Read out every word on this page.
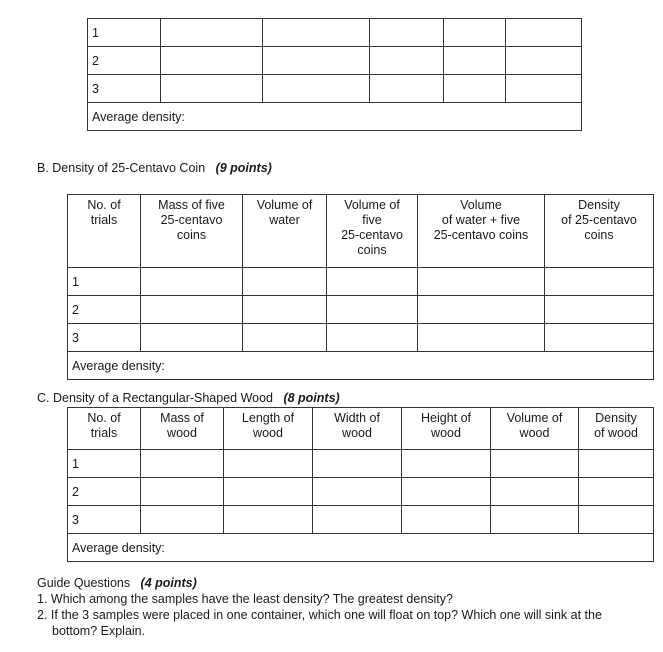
1					
2					
3					
Average density:					
B. Density of 25-Centavo Coin (9 points)
No. of
trials	Mass of five
25-centavo
coins	Volume of
water	Volume of
five
25-centavo
coins	Volume
of water + five
25-centavo coins	Density
of 25-centavo
coins
1					
2					
3					
Average density:					
C. Density of a Rectangular-Shaped Wood (8 points)
No. of
trials	Mass of
wood	Length of
wood	Width of
wood	Height of
wood	Volume of
wood	Density
of wood
1						
2						
3						
Average density:						
Guide Questions (4 points)
1. Which among the samples have the least density? The greatest density?
2. If the 3 samples were placed in one container, which one will float on top? Which one will sink at the
bottom? Explain.
